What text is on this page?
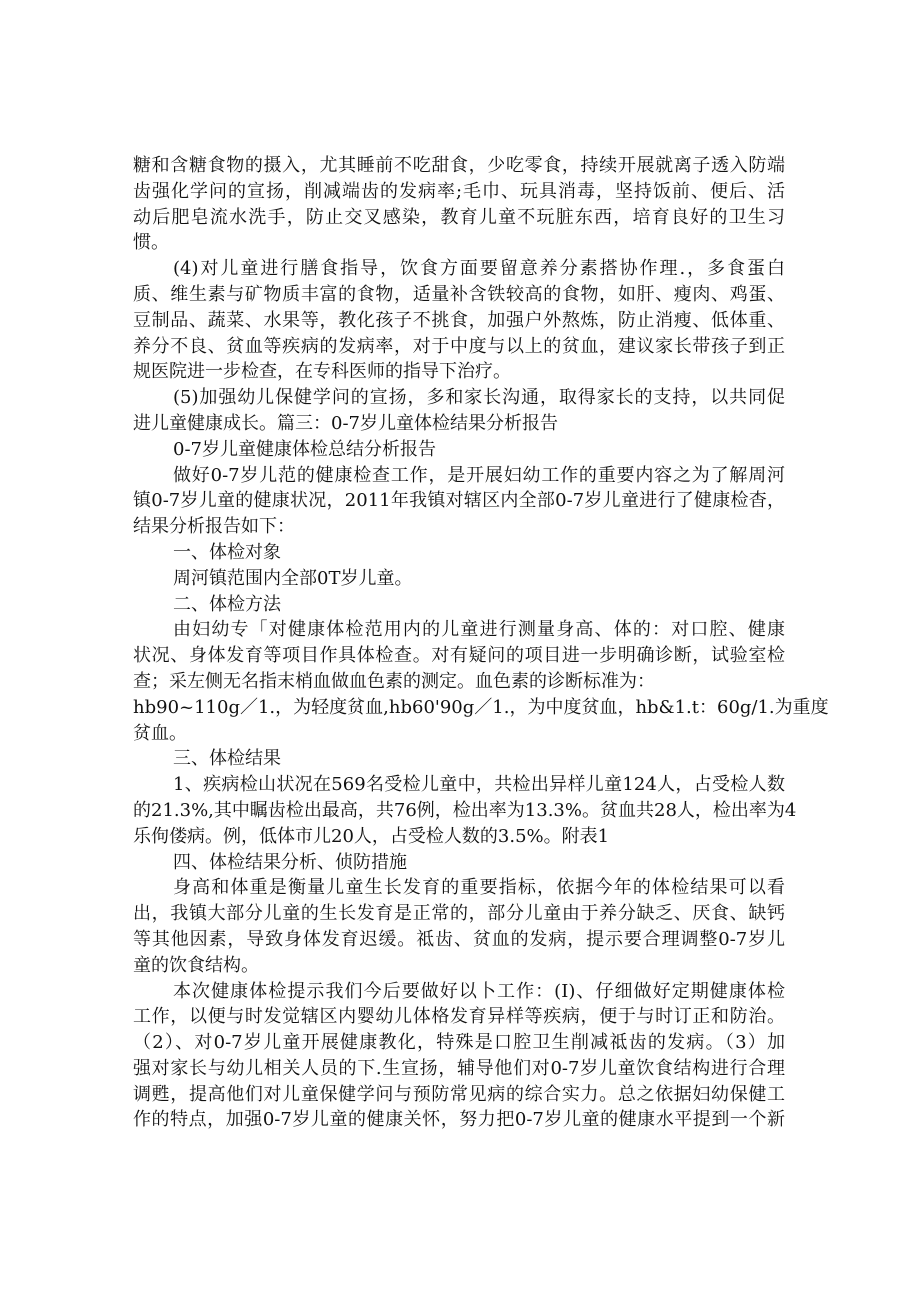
糖和含糖食物的摄入，尤其睡前不吃甜食，少吃零食，持续开展就离子透入防端
齿强化学问的宣扬，削减端齿的发病率;毛巾、玩具消毒，坚持饭前、便后、活
动后肥皂流水洗手，防止交叉感染，教育儿童不玩脏东西，培育良好的卫生习
惯。
(4)对儿童进行膳食指导，饮食方面要留意养分素搭协作理.，多食蛋白
质、维生素与矿物质丰富的食物，适量补含铁较高的食物，如肝、瘦肉、鸡蛋、
豆制品、蔬菜、水果等，教化孩子不挑食，加强户外熬炼，防止消瘦、低体重、
养分不良、贫血等疾病的发病率，对于中度与以上的贫血，建议家长带孩子到正
规医院进一步检查，在专科医师的指导下治疗。
(5)加强幼儿保健学问的宣扬，多和家长沟通，取得家长的支持，以共同促
进儿童健康成长。篇三：0-7岁儿童体检结果分析报告
0-7岁儿童健康体检总结分析报告
做好0-7岁儿范的健康检查工作，是开展妇幼工作的重要内容之为了解周河
镇0-7岁儿童的健康状况，2011年我镇对辖区内全部0-7岁儿童进行了健康检杳，
结果分析报告如下：
一、体检对象
周河镇范围内全部0T岁儿童。
二、体检方法
由妇幼专「对健康体检范用内的儿童进行测量身高、体的：对口腔、健康
状况、身体发育等项目作具体检查。对有疑问的项目进一步明确诊断，试验室检
查；采左侧无名指末梢血做血色素的测定。血色素的诊断标准为：
hb90~110g／1.，为轻度贫血,hb60'90g／1.，为中度贫血，hb&1.t：60g/1.为重度
贫血。
三、体检结果
1、疾病检山状况在569名受检儿童中，共检出异样儿童124人，占受检人数
的21.3%,其中瞩齿检出最高，共76例，检出率为13.3%。贫血共28人，检出率为4
乐佝偻病。例，低体市儿20人，占受检人数的3.5%。附表1
四、体检结果分析、侦防措施
身高和体重是衡量儿童生长发育的重要指标，依据今年的体检结果可以看
出，我镇大部分儿童的生长发育是正常的，部分儿童由于养分缺乏、厌食、缺钙
等其他因素，导致身体发育迟缓。祗齿、贫血的发病，提示要合理调整0-7岁儿
童的饮食结构。
本次健康体检提示我们今后要做好以卜工作：(I)、仔细做好定期健康体检
工作，以便与时发觉辖区内婴幼儿体格发育异样等疾病，便于与时订正和防治。
（2）、对0-7岁儿童开展健康教化，特殊是口腔卫生削减祗齿的发病。（3）加
强对家长与幼儿相关人员的下.生宣扬，辅导他们对0-7岁儿童饮食结构进行合理
调甦，提高他们对儿童保健学问与预防常见病的综合实力。总之依据妇幼保健工
作的特点，加强0-7岁儿童的健康关怀，努力把0-7岁儿童的健康水平提到一个新
